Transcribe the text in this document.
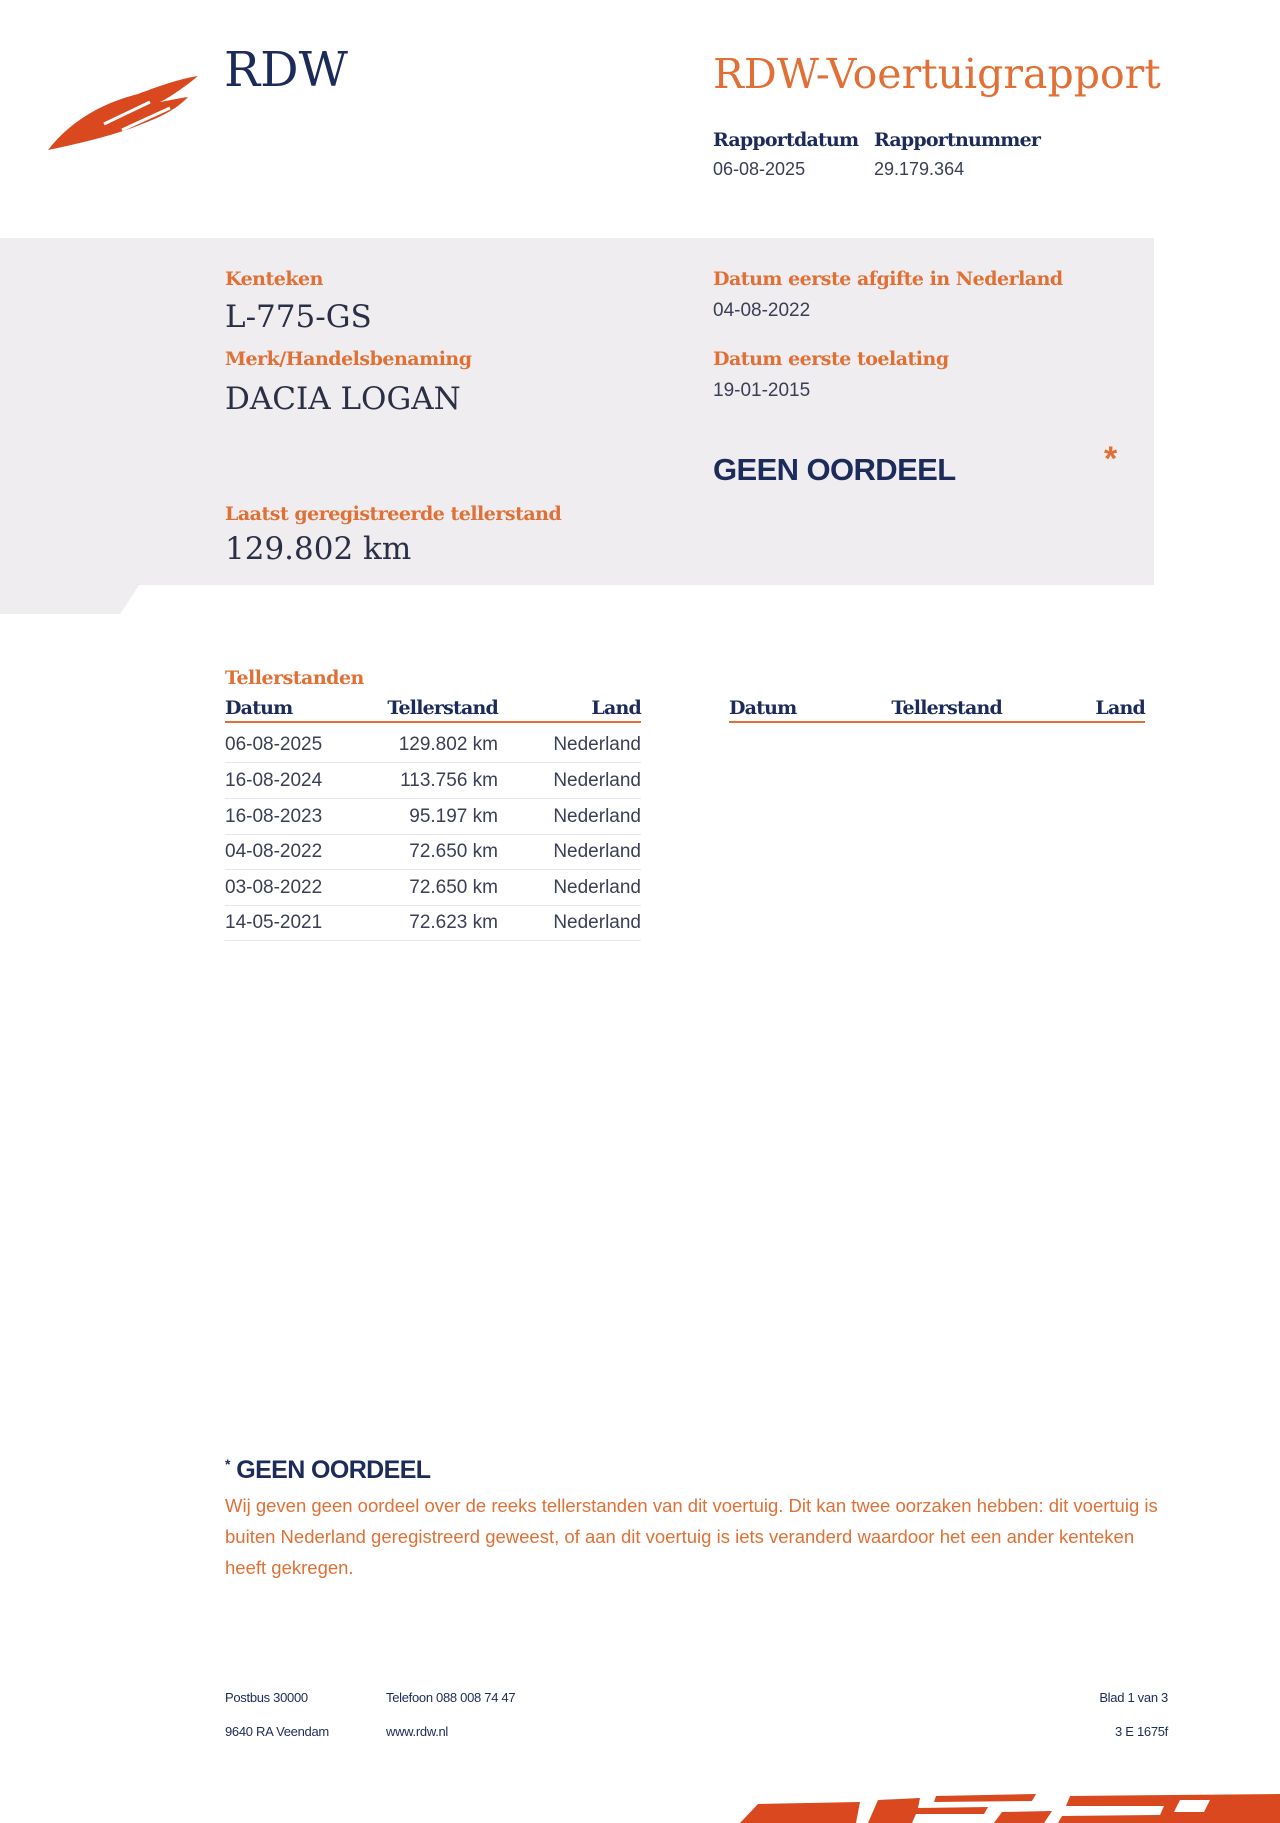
RDW	RDW-Voertuigrapport
Rapportdatum
06-08-2025
Rapportnummer
29.179.364
Kenteken
L-775-GS
Merk/Handelsbenaming
DACIA LOGAN
Datum eerste afgifte in Nederland
04-08-2022
Datum eerste toelating
19-01-2015
GEEN OORDEEL	*
Laatst geregistreerde tellerstand
129.802 km
Tellerstanden
Datum	Tellerstand	Land	Datum	Tellerstand	Land
06-08-2025	129.802 km	Nederland
16-08-2024	113.756 km	Nederland
16-08-2023	95.197 km	Nederland
04-08-2022	72.650 km	Nederland
03-08-2022	72.650 km	Nederland
14-05-2021	72.623 km	Nederland
* GEEN OORDEEL
Wij geven geen oordeel over de reeks tellerstanden van dit voertuig. Dit kan twee oorzaken hebben: dit voertuig is buiten Nederland geregistreerd geweest, of aan dit voertuig is iets veranderd waardoor het een ander kenteken heeft gekregen.
Postbus 30000
9640 RA Veendam
Telefoon 088 008 74 47
www.rdw.nl
Blad 1 van 3
3 E 1675f
